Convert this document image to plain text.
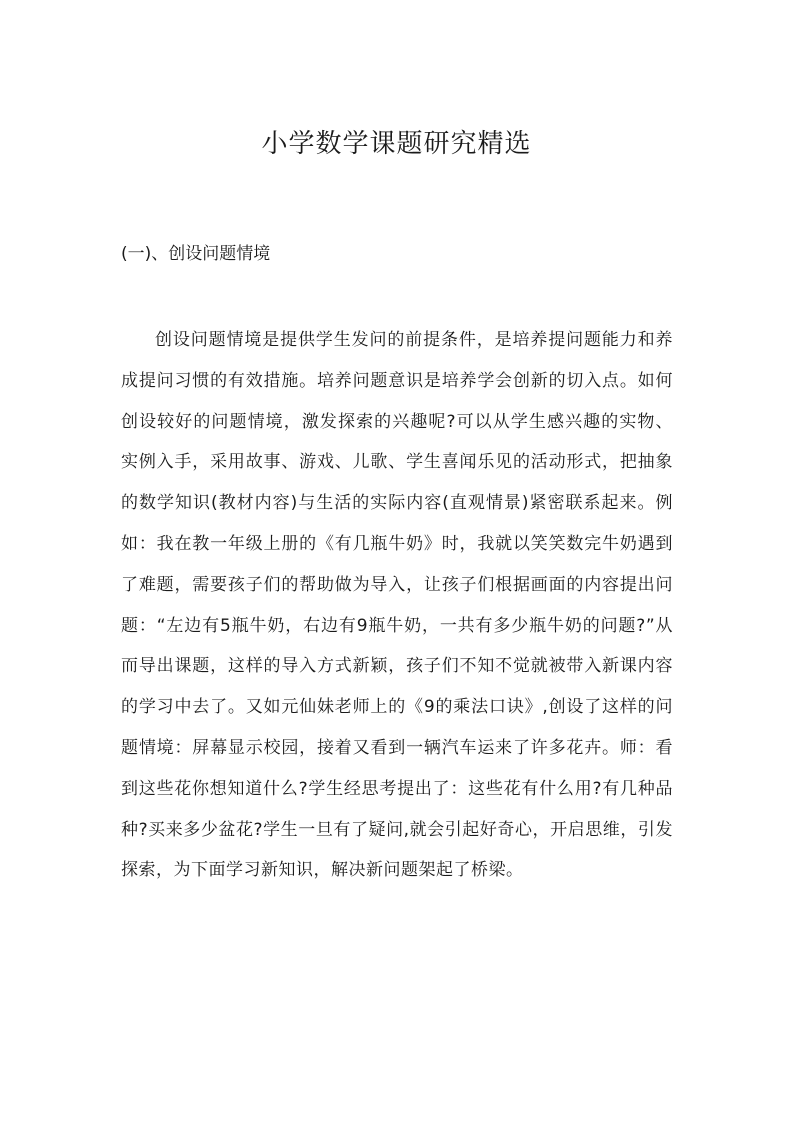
小学数学课题研究精选
(一)、创设问题情境

创设问题情境是提供学生发问的前提条件，是培养提问题能力和养成提问习惯的有效措施。培养问题意识是培养学会创新的切入点。如何创设较好的问题情境，激发探索的兴趣呢?可以从学生感兴趣的实物、实例入手，采用故事、游戏、儿歌、学生喜闻乐见的活动形式，把抽象的数学知识(教材内容)与生活的实际内容(直观情景)紧密联系起来。例如：我在教一年级上册的《有几瓶牛奶》时，我就以笑笑数完牛奶遇到了难题，需要孩子们的帮助做为导入，让孩子们根据画面的内容提出问题：“左边有5瓶牛奶，右边有9瓶牛奶，一共有多少瓶牛奶的问题?”从而导出课题，这样的导入方式新颖，孩子们不知不觉就被带入新课内容的学习中去了。又如元仙妹老师上的《9的乘法口诀》,创设了这样的问题情境：屏幕显示校园，接着又看到一辆汽车运来了许多花卉。师：看到这些花你想知道什么?学生经思考提出了：这些花有什么用?有几种品种?买来多少盆花?学生一旦有了疑问,就会引起好奇心，开启思维，引发探索，为下面学习新知识，解决新问题架起了桥梁。
